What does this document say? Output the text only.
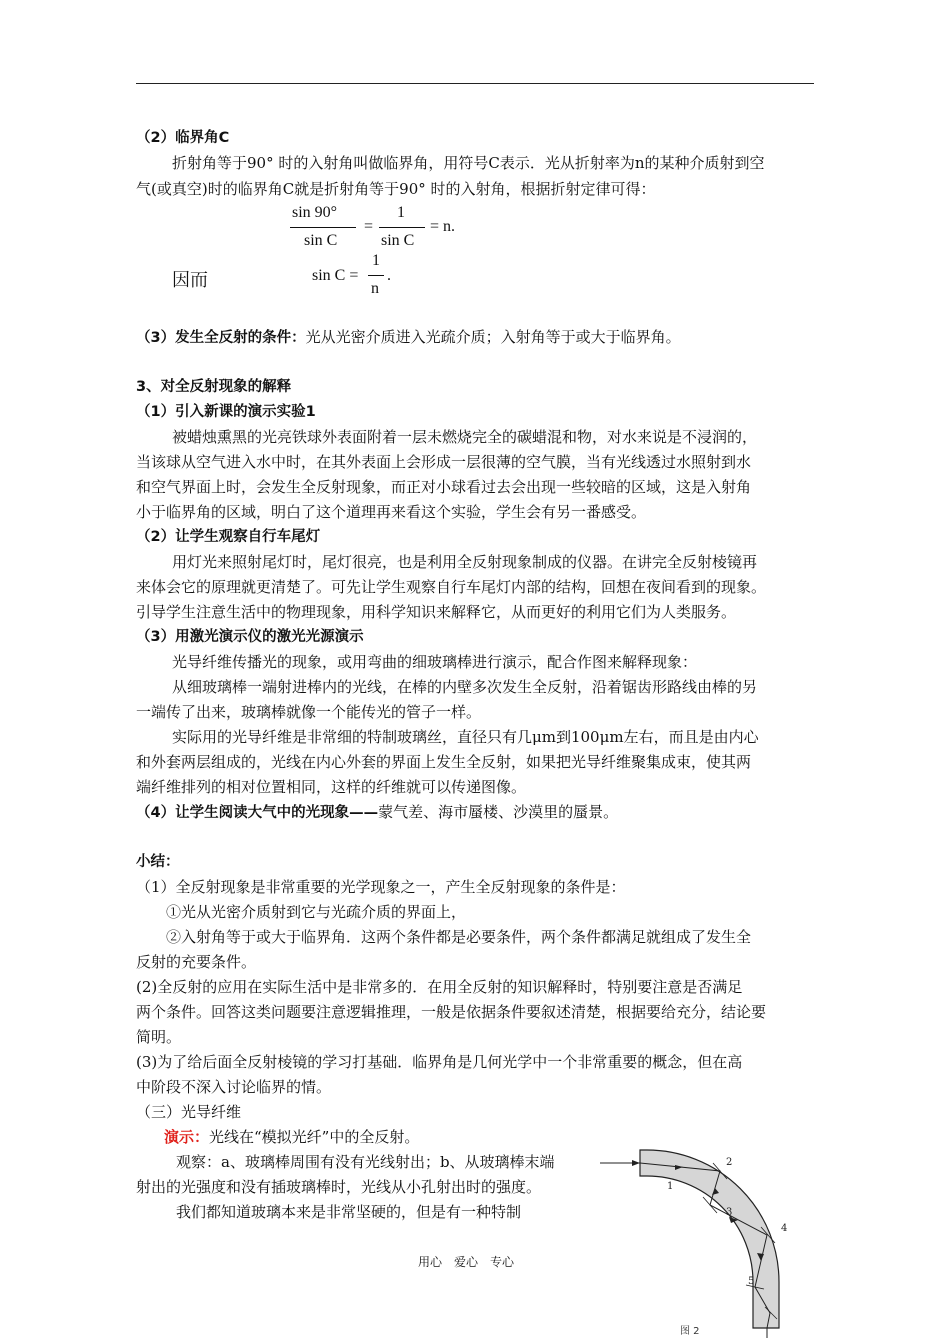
（2）临界角C
折射角等于90° 时的入射角叫做临界角，用符号C表示．光从折射率为n的某种介质射到空
气(或真空)时的临界角C就是折射角等于90° 时的入射角，根据折射定律可得：
sin 90°
sin C
=
1
sin C
= n.
因而	sin C =
1
n
.
（3）发生全反射的条件：光从光密介质进入光疏介质；入射角等于或大于临界角。
3、对全反射现象的解释
（1）引入新课的演示实验1
被蜡烛熏黑的光亮铁球外表面附着一层未燃烧完全的碳蜡混和物，对水来说是不浸润的，
当该球从空气进入水中时，在其外表面上会形成一层很薄的空气膜，当有光线透过水照射到水
和空气界面上时，会发生全反射现象，而正对小球看过去会出现一些较暗的区域，这是入射角
小于临界角的区域，明白了这个道理再来看这个实验，学生会有另一番感受。
（2）让学生观察自行车尾灯
用灯光来照射尾灯时，尾灯很亮，也是利用全反射现象制成的仪器。在讲完全反射棱镜再
来体会它的原理就更清楚了。可先让学生观察自行车尾灯内部的结构，回想在夜间看到的现象。
引导学生注意生活中的物理现象，用科学知识来解释它，从而更好的利用它们为人类服务。
（3）用激光演示仪的激光光源演示
光导纤维传播光的现象，或用弯曲的细玻璃棒进行演示，配合作图来解释现象：
从细玻璃棒一端射进棒内的光线，在棒的内壁多次发生全反射，沿着锯齿形路线由棒的另
一端传了出来，玻璃棒就像一个能传光的管子一样。
实际用的光导纤维是非常细的特制玻璃丝，直径只有几μm到100μm左右，而且是由内心
和外套两层组成的，光线在内心外套的界面上发生全反射，如果把光导纤维聚集成束，使其两
端纤维排列的相对位置相同，这样的纤维就可以传递图像。
（4）让学生阅读大气中的光现象——蒙气差、海市蜃楼、沙漠里的蜃景。
小结：
（1）全反射现象是非常重要的光学现象之一，产生全反射现象的条件是：
①光从光密介质射到它与光疏介质的界面上，
②入射角等于或大于临界角．这两个条件都是必要条件，两个条件都满足就组成了发生全
反射的充要条件。
(2)全反射的应用在实际生活中是非常多的．在用全反射的知识解释时，特别要注意是否满足
两个条件。回答这类问题要注意逻辑推理，一般是依据条件要叙述清楚，根据要给充分，结论要
简明。
(3)为了给后面全反射棱镜的学习打基础．临界角是几何光学中一个非常重要的概念，但在高
中阶段不深入讨论临界的情。
（三）光导纤维
演示：光线在“模拟光纤”中的全反射。
观察：a、玻璃棒周围有没有光线射出；b、从玻璃棒末端
射出的光强度和没有插玻璃棒时，光线从小孔射出时的强度。
我们都知道玻璃本来是非常坚硬的，但是有一种特制
用心　爱心　专心
1
2
3
4
5
图 2
